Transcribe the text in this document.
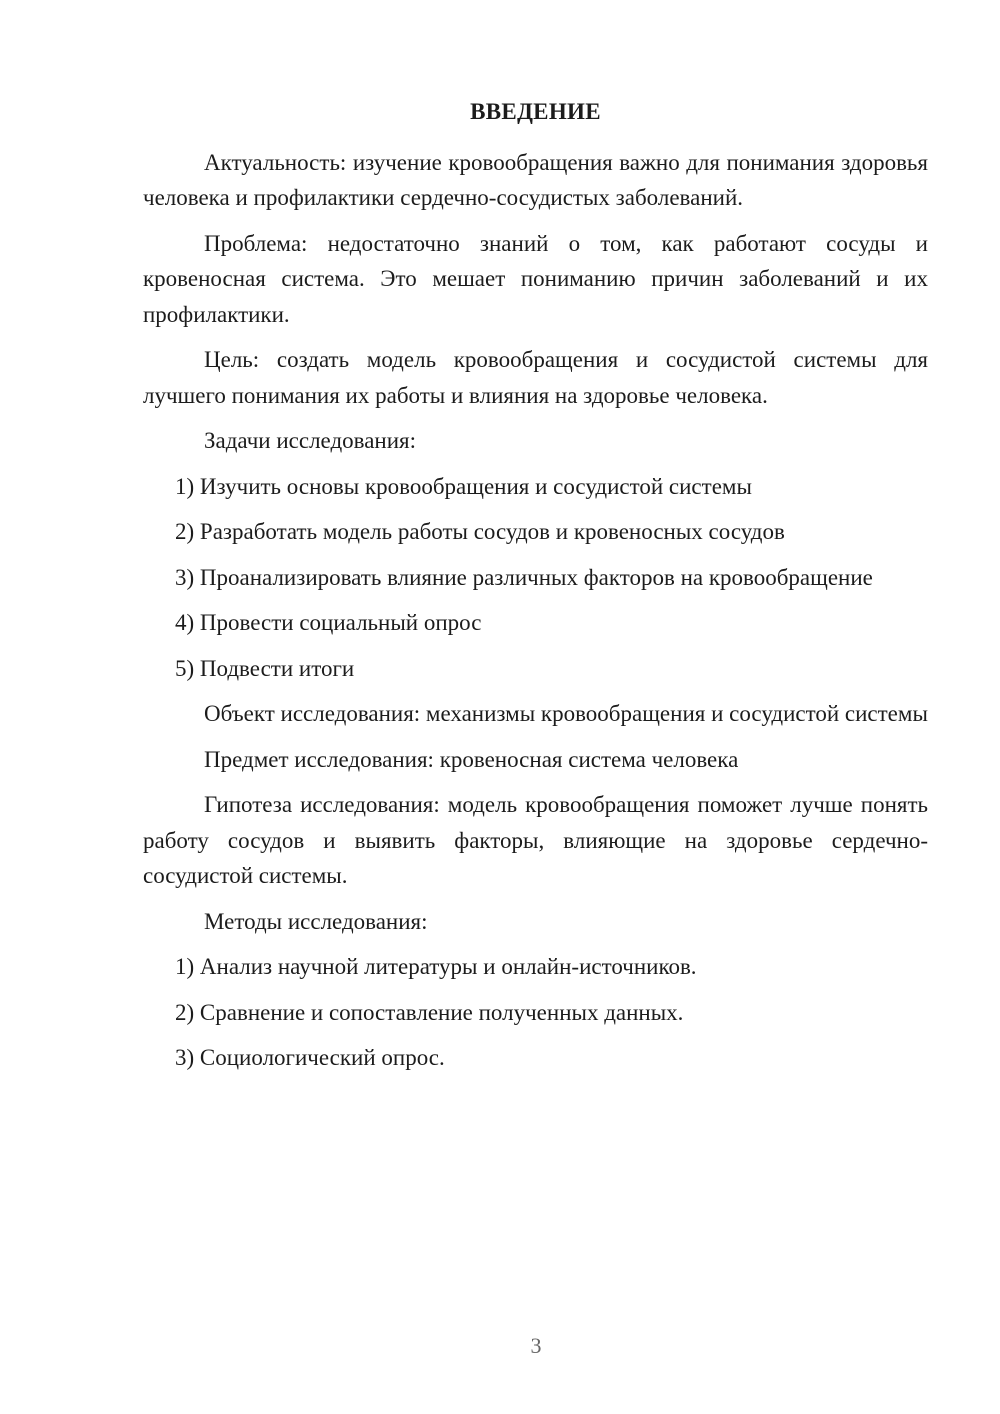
ВВЕДЕНИЕ

Актуальность: изучение кровообращения важно для понимания здоровья человека и профилактики сердечно-сосудистых заболеваний.

Проблема: недостаточно знаний о том, как работают сосуды и кровеносная система. Это мешает пониманию причин заболеваний и их профилактики.

Цель: создать модель кровообращения и сосудистой системы для лучшего понимания их работы и влияния на здоровье человека.

Задачи исследования:

1) Изучить основы кровообращения и сосудистой системы

2) Разработать модель работы сосудов и кровеносных сосудов

3) Проанализировать влияние различных факторов на кровообращение

4) Провести социальный опрос

5) Подвести итоги

Объект исследования: механизмы кровообращения и сосудистой системы

Предмет исследования: кровеносная система человека

Гипотеза исследования: модель кровообращения поможет лучше понять работу сосудов и выявить факторы, влияющие на здоровье сердечно-сосудистой системы.

Методы исследования:

1) Анализ научной литературы и онлайн-источников.

2) Сравнение и сопоставление полученных данных.

3) Социологический опрос.

3
